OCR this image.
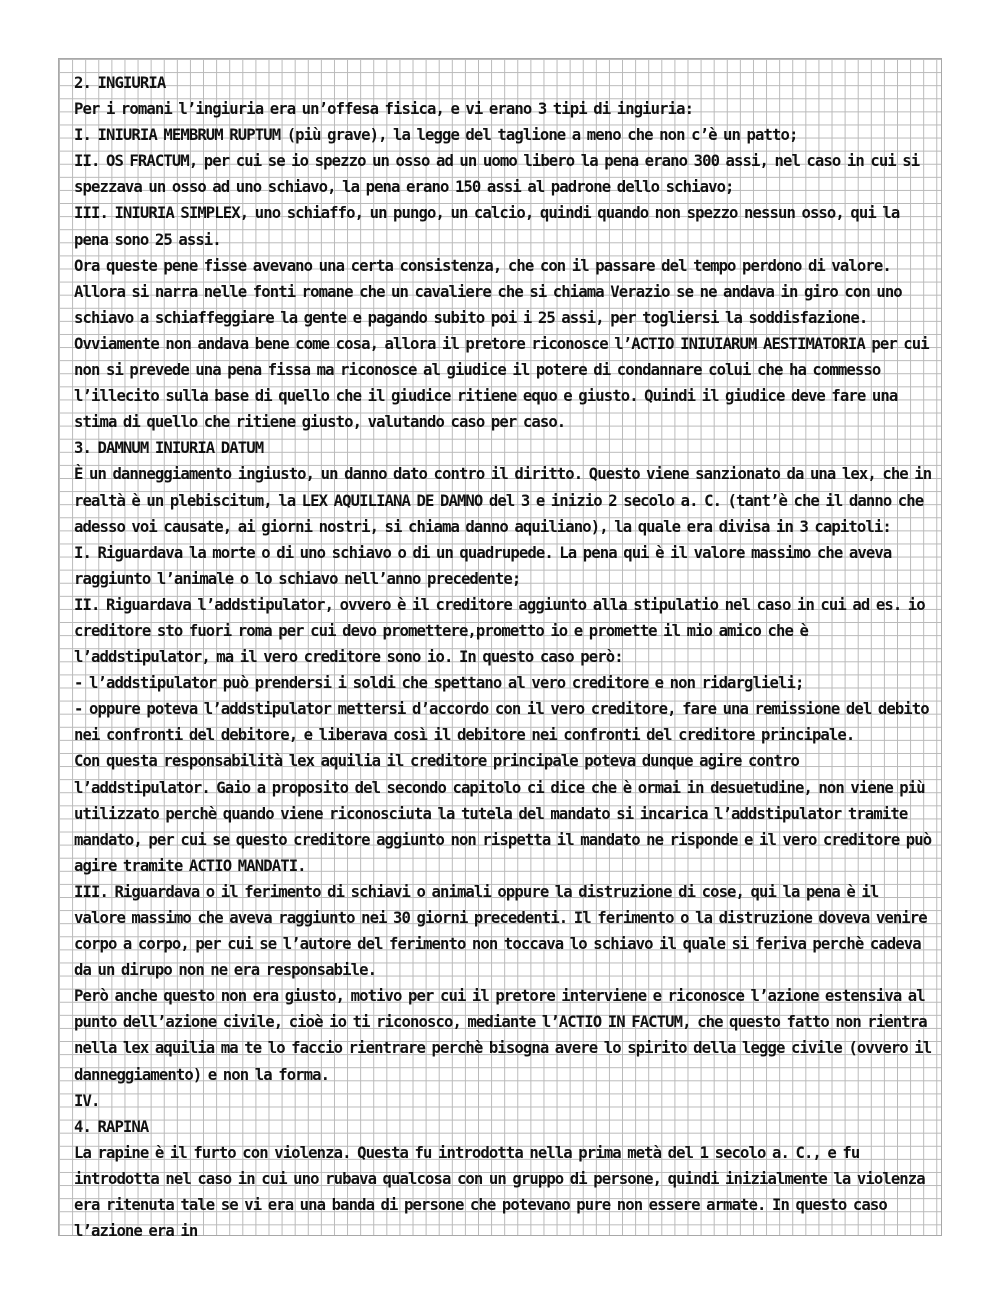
2. INGIURIA

Per i romani l’ingiuria era un’offesa fisica, e vi erano 3 tipi di ingiuria:

I. INIURIA MEMBRUM RUPTUM (più grave), la legge del taglione a meno che non c’è un patto;

II. OS FRACTUM, per cui se io spezzo un osso ad un uomo libero la pena erano 300 assi, nel caso in cui si spezzava un osso ad uno schiavo, la pena erano 150 assi al padrone dello schiavo;

III. INIURIA SIMPLEX, uno schiaffo, un pungo, un calcio, quindi quando non spezzo nessun osso, qui la pena sono 25 assi.

Ora queste pene fisse avevano una certa consistenza, che con il passare del tempo perdono di valore. Allora si narra nelle fonti romane che un cavaliere che si chiama Verazio se ne andava in giro con uno schiavo a schiaffeggiare la gente e pagando subito poi i 25 assi, per togliersi la soddisfazione. Ovviamente non andava bene come cosa, allora il pretore riconosce l’ACTIO INIUIARUM AESTIMATORIA per cui non si prevede una pena fissa ma riconosce al giudice il potere di condannare colui che ha commesso l’illecito sulla base di quello che il giudice ritiene equo e giusto. Quindi il giudice deve fare una stima di quello che ritiene giusto, valutando caso per caso.

3. DAMNUM INIURIA DATUM

È un danneggiamento ingiusto, un danno dato contro il diritto. Questo viene sanzionato da una lex, che in realtà è un plebiscitum, la LEX AQUILIANA DE DAMNO del 3 e inizio 2 secolo a. C. (tant’è che il danno che adesso voi causate, ai giorni nostri, si chiama danno aquiliano), la quale era divisa in 3 capitoli:

I. Riguardava la morte o di uno schiavo o di un quadrupede. La pena qui è il valore massimo che aveva raggiunto l’animale o lo schiavo nell’anno precedente;

II. Riguardava l’addstipulator, ovvero è il creditore aggiunto alla stipulatio nel caso in cui ad es. io creditore sto fuori roma per cui devo promettere,prometto io e promette il mio amico che è l’addstipulator, ma il vero creditore sono io. In questo caso però:

- l’addstipulator può prendersi i soldi che spettano al vero creditore e non ridarglieli;

- oppure poteva l’addstipulator mettersi d’accordo con il vero creditore, fare una remissione del debito nei confronti del debitore, e liberava così il debitore nei confronti del creditore principale.

Con questa responsabilità lex aquilia il creditore principale poteva dunque agire contro l’addstipulator. Gaio a proposito del secondo capitolo ci dice che è ormai in desuetudine, non viene più utilizzato perchè quando viene riconosciuta la tutela del mandato si incarica l’addstipulator tramite mandato, per cui se questo creditore aggiunto non rispetta il mandato ne risponde e il vero creditore può agire tramite ACTIO MANDATI.

III. Riguardava o il ferimento di schiavi o animali oppure la distruzione di cose, qui la pena è il valore massimo che aveva raggiunto nei 30 giorni precedenti. Il ferimento o la distruzione doveva venire corpo a corpo, per cui se l’autore del ferimento non toccava lo schiavo il quale si feriva perchè cadeva da un dirupo non ne era responsabile.

Però anche questo non era giusto, motivo per cui il pretore interviene e riconosce l’azione estensiva al punto dell’azione civile, cioè io ti riconosco, mediante l’ACTIO IN FACTUM, che questo fatto non rientra nella lex aquilia ma te lo faccio rientrare perchè bisogna avere lo spirito della legge civile (ovvero il danneggiamento) e non la forma.

IV.

4. RAPINA

La rapine è il furto con violenza. Questa fu introdotta nella prima metà del 1 secolo a. C., e fu introdotta nel caso in cui uno rubava qualcosa con un gruppo di persone, quindi inizialmente la violenza era ritenuta tale se vi era una banda di persone che potevano pure non essere armate. In questo caso l’azione era in
